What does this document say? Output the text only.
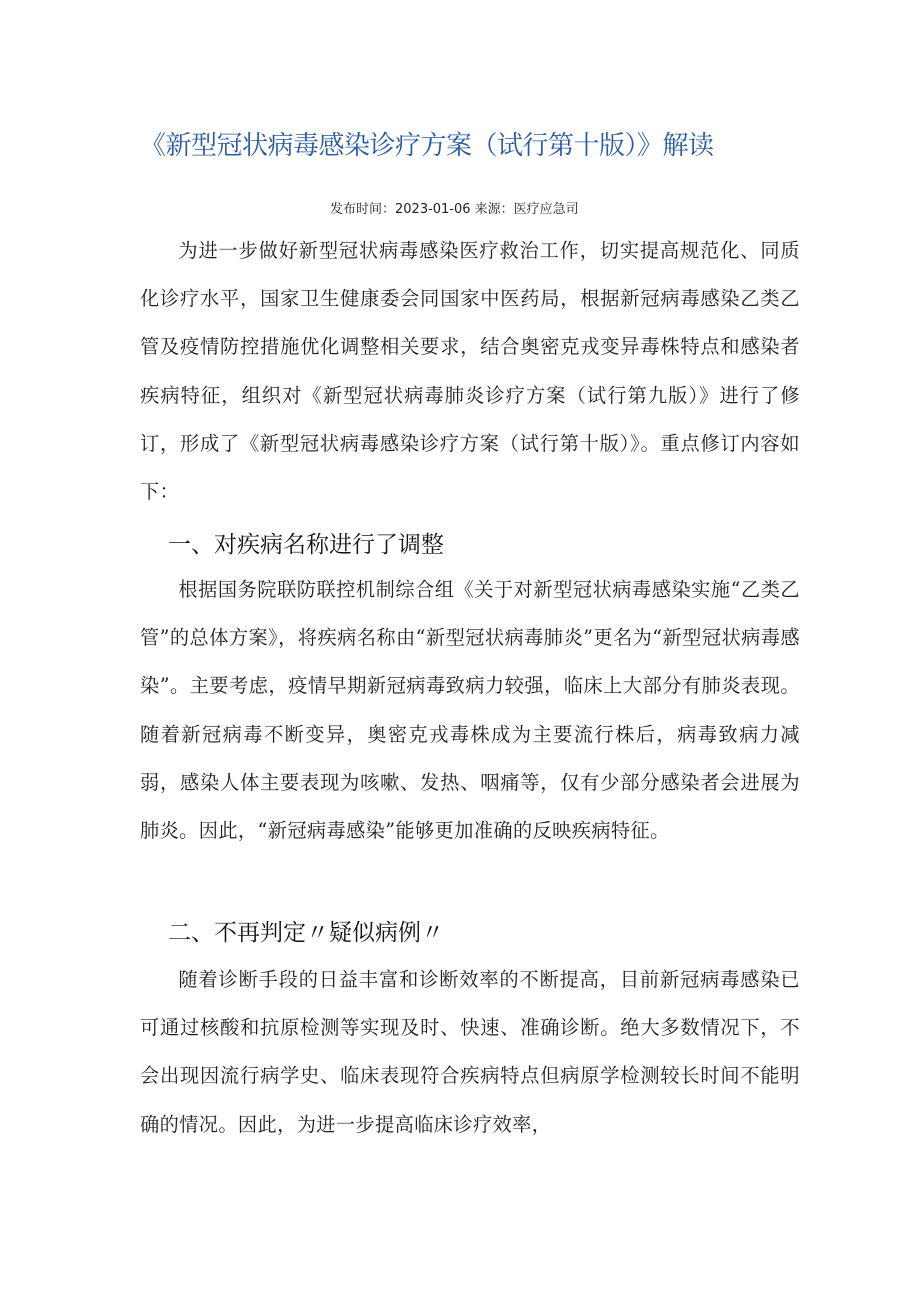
《新型冠状病毒感染诊疗方案（试行第十版）》解读
发布时间：2023-01-06 来源：医疗应急司

为进一步做好新型冠状病毒感染医疗救治工作，切实提高规范化、同质化诊疗水平，国家卫生健康委会同国家中医药局，根据新冠病毒感染乙类乙管及疫情防控措施优化调整相关要求，结合奥密克戎变异毒株特点和感染者疾病特征，组织对《新型冠状病毒肺炎诊疗方案（试行第九版）》进行了修订，形成了《新型冠状病毒感染诊疗方案（试行第十版）》。重点修订内容如下：

一、对疾病名称进行了调整

根据国务院联防联控机制综合组《关于对新型冠状病毒感染实施“乙类乙管”的总体方案》，将疾病名称由“新型冠状病毒肺炎”更名为“新型冠状病毒感染”。主要考虑，疫情早期新冠病毒致病力较强，临床上大部分有肺炎表现。随着新冠病毒不断变异，奥密克戎毒株成为主要流行株后，病毒致病力减弱，感染人体主要表现为咳嗽、发热、咽痛等，仅有少部分感染者会进展为肺炎。因此，“新冠病毒感染”能够更加准确的反映疾病特征。

二、不再判定〃疑似病例〃

随着诊断手段的日益丰富和诊断效率的不断提高，目前新冠病毒感染已可通过核酸和抗原检测等实现及时、快速、准确诊断。绝大多数情况下，不会出现因流行病学史、临床表现符合疾病特点但病原学检测较长时间不能明确的情况。因此，为进一步提高临床诊疗效率，
